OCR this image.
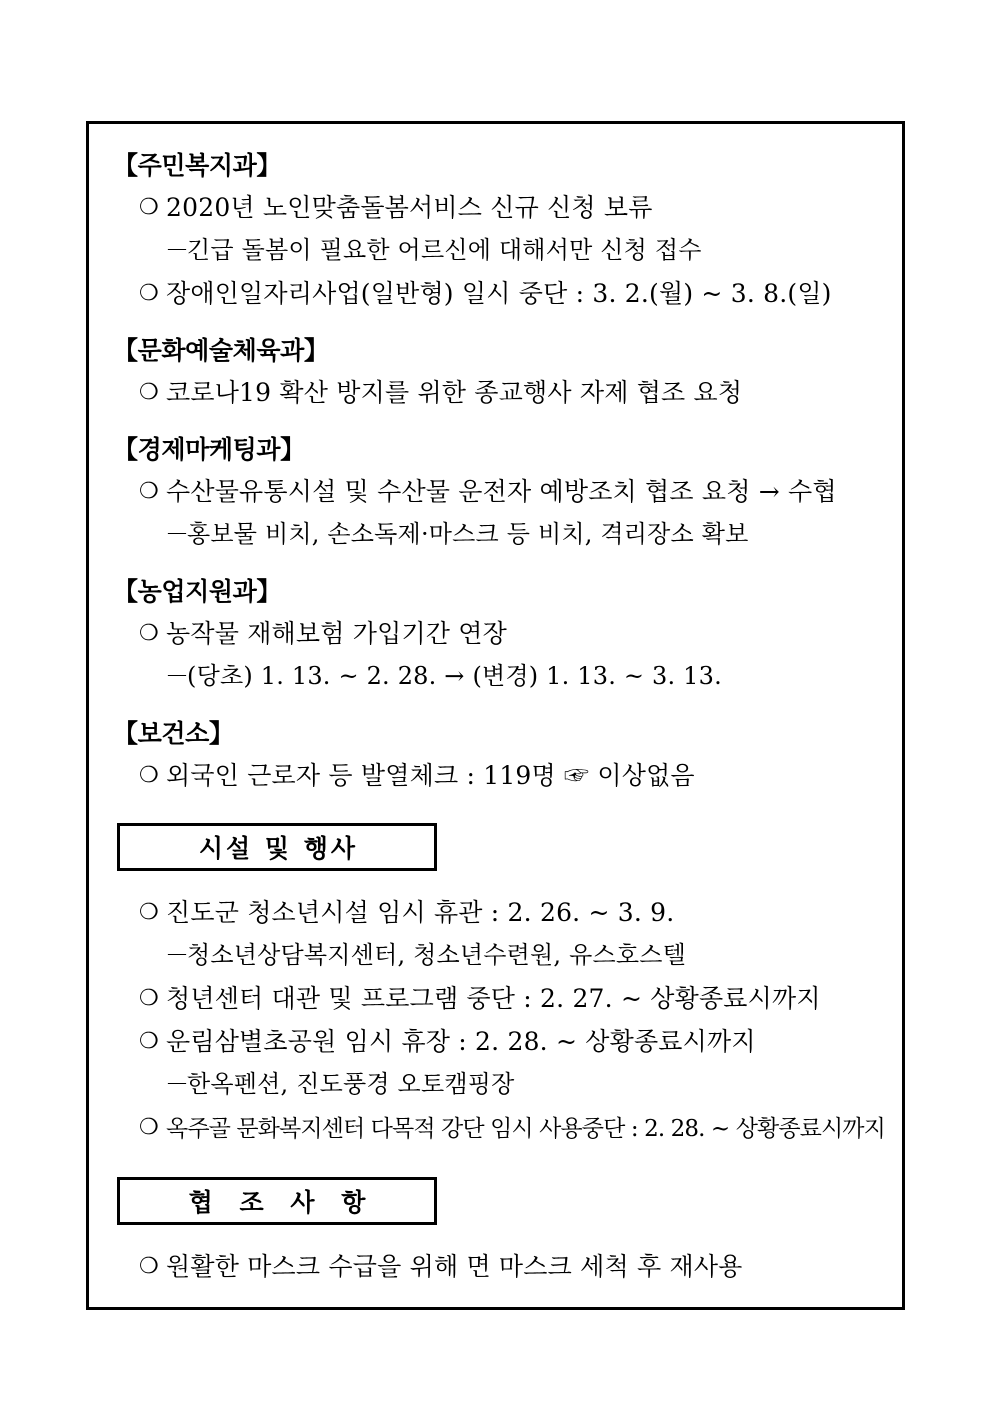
【주민복지과】

❍ 2020년 노인맞춤돌봄서비스 신규 신청 보류

－긴급 돌봄이 필요한 어르신에 대해서만 신청 접수

❍ 장애인일자리사업(일반형) 일시 중단 : 3. 2.(월) ~ 3. 8.(일)

【문화예술체육과】

❍ 코로나19 확산 방지를 위한 종교행사 자제 협조 요청

【경제마케팅과】

❍ 수산물유통시설 및 수산물 운전자 예방조치 협조 요청 → 수협

－홍보물 비치, 손소독제·마스크 등 비치, 격리장소 확보

【농업지원과】

❍ 농작물 재해보험 가입기간 연장

－(당초) 1. 13. ~ 2. 28. → (변경) 1. 13. ~ 3. 13.

【보건소】

❍ 외국인 근로자 등 발열체크 : 119명 ☞ 이상없음

시설 및 행사

❍ 진도군 청소년시설 임시 휴관 : 2. 26. ~ 3. 9.

－청소년상담복지센터, 청소년수련원, 유스호스텔

❍ 청년센터 대관 및 프로그램 중단 : 2. 27. ~ 상황종료시까지

❍ 운림삼별초공원 임시 휴장 : 2. 28. ~ 상황종료시까지

－한옥펜션, 진도풍경 오토캠핑장

❍ 옥주골 문화복지센터 다목적 강단 임시 사용중단 : 2. 28. ~ 상황종료시까지

협 조 사 항

❍ 원활한 마스크 수급을 위해 면 마스크 세척 후 재사용
